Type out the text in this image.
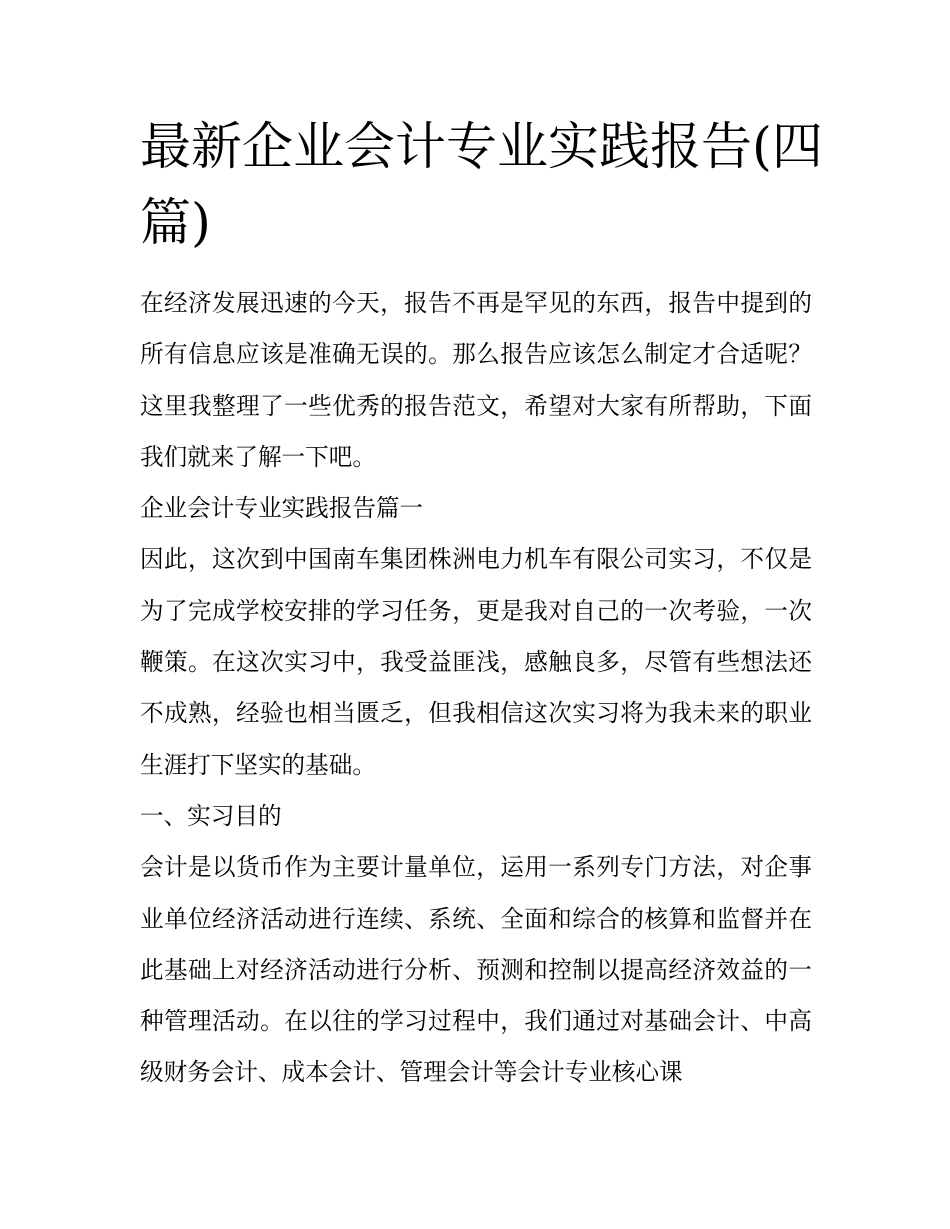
最新企业会计专业实践报告(四篇)

在经济发展迅速的今天，报告不再是罕见的东西，报告中提到的所有信息应该是准确无误的。那么报告应该怎么制定才合适呢？这里我整理了一些优秀的报告范文，希望对大家有所帮助，下面我们就来了解一下吧。

企业会计专业实践报告篇一

因此，这次到中国南车集团株洲电力机车有限公司实习，不仅是为了完成学校安排的学习任务，更是我对自己的一次考验，一次鞭策。在这次实习中，我受益匪浅，感触良多，尽管有些想法还不成熟，经验也相当匮乏，但我相信这次实习将为我未来的职业生涯打下坚实的基础。

一、实习目的

会计是以货币作为主要计量单位，运用一系列专门方法，对企事业单位经济活动进行连续、系统、全面和综合的核算和监督并在此基础上对经济活动进行分析、预测和控制以提高经济效益的一种管理活动。在以往的学习过程中，我们通过对基础会计、中高级财务会计、成本会计、管理会计等会计专业核心课
